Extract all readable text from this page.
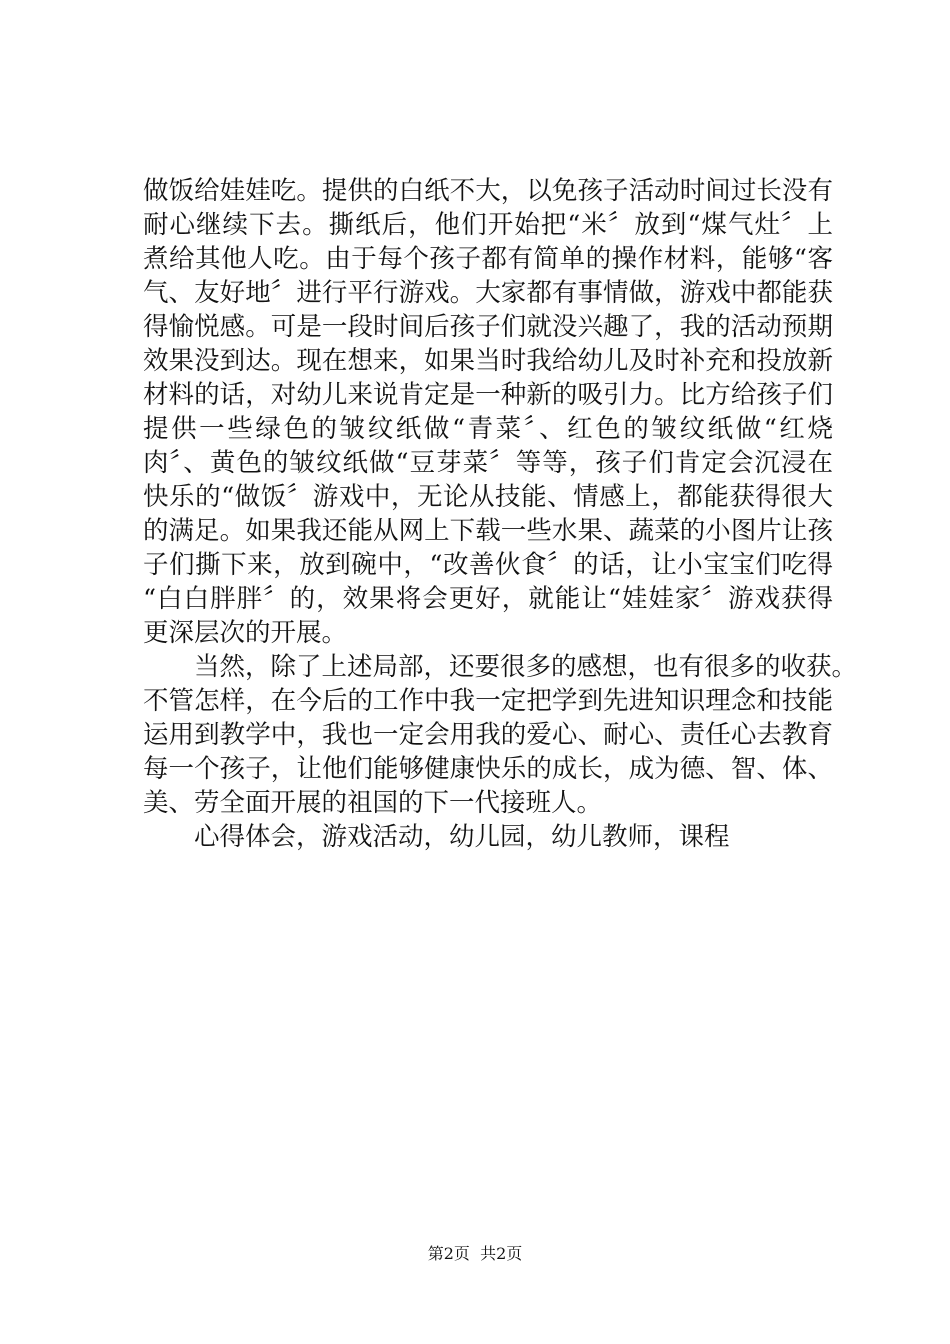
做饭给娃娃吃。提供的白纸不大，以免孩子活动时间过长没有
耐心继续下去。撕纸后，他们开始把“米〞放到“煤气灶〞上
煮给其他人吃。由于每个孩子都有简单的操作材料，能够“客
气、友好地〞进行平行游戏。大家都有事情做，游戏中都能获
得愉悦感。可是一段时间后孩子们就没兴趣了，我的活动预期
效果没到达。现在想来，如果当时我给幼儿及时补充和投放新
材料的话，对幼儿来说肯定是一种新的吸引力。比方给孩子们
提供一些绿色的皱纹纸做“青菜〞、红色的皱纹纸做“红烧
肉〞、黄色的皱纹纸做“豆芽菜〞等等，孩子们肯定会沉浸在
快乐的“做饭〞游戏中，无论从技能、情感上，都能获得很大
的满足。如果我还能从网上下载一些水果、蔬菜的小图片让孩
子们撕下来，放到碗中，“改善伙食〞的话，让小宝宝们吃得
“白白胖胖〞的，效果将会更好，就能让“娃娃家〞游戏获得
更深层次的开展。
　　当然，除了上述局部，还要很多的感想，也有很多的收获。
不管怎样，在今后的工作中我一定把学到先进知识理念和技能
运用到教学中，我也一定会用我的爱心、耐心、责任心去教育
每一个孩子，让他们能够健康快乐的成长，成为德、智、体、
美、劳全面开展的祖国的下一代接班人。
　　心得体会，游戏活动，幼儿园，幼儿教师，课程
第2页  共2页
